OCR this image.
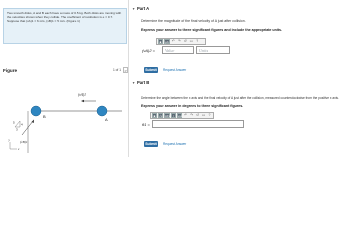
Two smooth disks, A and B each have a mass of 0.5 kg. Both disks are moving with the velocities shown when they collide. The coefficient of restitution is e = 0.7. Suppose that (vA)1 = 6 m/s, (vB)1 = 5 m/s. (Figure 1)
Figure	1 of 1 >
A
B
(vA)1
(vB)1
3
4
5
x
y
▼ Part A
Determine the magnitude of the final velocity of A just after collision.
Express your answer to three significant figures and include the appropriate units.
■	μA ↶ ↷ ↺ ▭	?
(vA)2 =	Value	Units
Submit	Request Answer
▼ Part B
Determine the angle between the x axis and the final velocity of A just after the collision, measured counterclockwise from the positive x axis.
Express your answer in degrees to three significant figures.
■	√x ΑΣφ ↕	vec ↶ ↷ ↺ ▭	?
θ1 =
Submit	Request Answer
